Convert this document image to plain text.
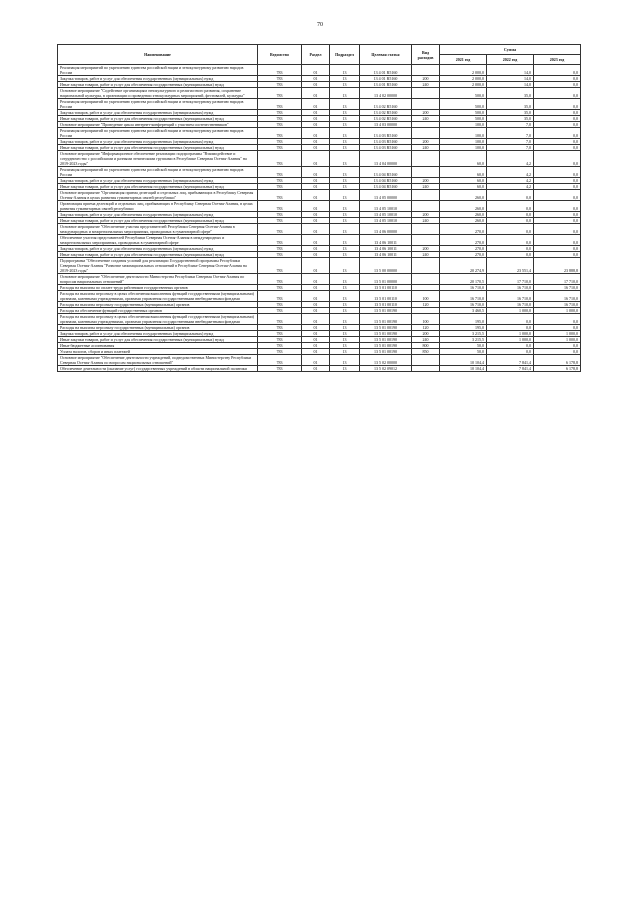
70
Наименование	Ведомство	Раздел	Подраздел	Целевая статья	Вид расходов	Сумма		
						2021 год	2022 год	2023 год
Реализация мероприятий по укреплению единства российской нации и этнокультурному развитию народов России	783	01	13	13 4 01 R5160		2 000,0	14,0	0,0
Закупка товаров, работ и услуг для обеспечения государственных (муниципальных) нужд	783	01	13	13 4 01 R5160	200	2 000,0	14,0	0,0
Иные закупки товаров, работ и услуг для обеспечения государственных (муниципальных) нужд	783	01	13	13 4 01 R5160	240	2 000,0	14,0	0,0
Основное мероприятие "Содействие организациям этнокультурного и религиозного развития, сохранение национальной культуры, в организации и проведении этнокультурных мероприятий, фестивалей, культуры"	783	01	13	13 4 02 00000		500,0	35,0	0,0
Реализация мероприятий по укреплению единства российской нации и этнокультурному развитию народов России	783	01	13	13 4 02 R5160		500,0	35,0	0,0
Закупка товаров, работ и услуг для обеспечения государственных (муниципальных) нужд	783	01	13	13 4 02 R5160	200	500,0	35,0	0,0
Иные закупки товаров, работ и услуг для обеспечения государственных (муниципальных) нужд	783	01	13	13 4 02 R5160	240	500,0	35,0	0,0
Основное мероприятие "Проведение цикла интернет-конференций с участием соотечественников"	783	01	13	13 4 03 00000		100,0	7,0	0,0
Реализация мероприятий по укреплению единства российской нации и этнокультурному развитию народов России	783	01	13	13 4 03 R5160		100,0	7,0	0,0
Закупка товаров, работ и услуг для обеспечения государственных (муниципальных) нужд	783	01	13	13 4 03 R5160	200	100,0	7,0	0,0
Иные закупки товаров, работ и услуг для обеспечения государственных (муниципальных) нужд	783	01	13	13 4 03 R5160	240	100,0	7,0	0,0
Основное мероприятие "Информационное обеспечение реализации подпрограммы "Взаимодействие и сотрудничество с российскими и разными этническими группами в Республике Северная Осетия-Алания" на 2019-2023 годы"	783	01	13	13 4 04 00000		60,0	4,2	0,0
Реализация мероприятий по укреплению единства российской нации и этнокультурному развитию народов России	783	01	13	13 4 04 R5160		60,0	4,2	0,0
Закупка товаров, работ и услуг для обеспечения государственных (муниципальных) нужд	783	01	13	13 4 04 R5160	200	60,0	4,2	0,0
Иные закупки товаров, работ и услуг для обеспечения государственных (муниципальных) нужд	783	01	13	13 4 04 R5160	240	60,0	4,2	0,0
Основное мероприятие "Организация приема делегаций и отдельных лиц, прибывающих в Республику Северная Осетия-Алания в целях развития гуманитарных связей республики"	783	01	13	13 4 05 00000		260,0	0,0	0,0
Организация приема делегаций и отдельных лиц, прибывающих в Республику Северная Осетия-Алания, в целях развития гуманитарных связей республики	783	01	13	13 4 05 10010		260,0	0,0	0,0
Закупка товаров, работ и услуг для обеспечения государственных (муниципальных) нужд	783	01	13	13 4 05 10010	200	260,0	0,0	0,0
Иные закупки товаров, работ и услуг для обеспечения государственных (муниципальных) нужд	783	01	13	13 4 05 10010	240	260,0	0,0	0,0
Основное мероприятие "Обеспечение участия представителей Республики Северная Осетия-Алания в международных и межрегиональных мероприятиях, проводимых в гуманитарной сфере"	783	01	13	13 4 06 00000		270,0	0,0	0,0
Обеспечение участия представителей Республики Северная Осетия-Алания в международных и межрегиональных мероприятиях, проводимых в гуманитарной сфере	783	01	13	13 4 06 10011		270,0	0,0	0,0
Закупка товаров, работ и услуг для обеспечения государственных (муниципальных) нужд	783	01	13	13 4 06 10011	200	270,0	0,0	0,0
Иные закупки товаров, работ и услуг для обеспечения государственных (муниципальных) нужд	783	01	13	13 4 06 10011	240	270,0	0,0	0,0
Подпрограмма "Обеспечение создания условий для реализации Государственной программы Республики Северная Осетия-Алания "Развитие межнациональных отношений в Республике Северная Осетия-Алания на 2019-2023 годы"	783	01	13	13 5 00 00000		20 274,9	23 551,4	23 888,8
Основное мероприятие "Обеспечение деятельности Министерства Республики Северная Осетия-Алания по вопросам национальных отношений"	783	01	13	13 5 01 00000		20 170,5	17 710,0	17 710,0
Расходы на выплаты по оплате труда работников государственных органов	783	01	13	13 5 01 00110		16 710,0	16 710,0	16 710,0
Расходы на выплаты персоналу в целях обеспечения выполнения функций государственными (муниципальными) органами, казенными учреждениями, органами управления государственными внебюджетными фондами	783	01	13	13 5 01 00110	100	16 710,0	16 710,0	16 710,0
Расходы на выплаты персоналу государственных (муниципальных) органов	783	01	13	13 5 01 00110	120	16 710,0	16 710,0	16 710,0
Расходы на обеспечение функций государственных органов	783	01	13	13 5 01 00190		3 460,5	1 000,0	1 000,0
Расходы на выплаты персоналу в целях обеспечения выполнения функций государственными (муниципальными) органами, казенными учреждениями, органами управления государственными внебюджетными фондами	783	01	13	13 5 01 00190	100	195,0	0,0	0,0
Расходы на выплаты персоналу государственных (муниципальных) органов	783	01	13	13 5 01 00190	120	195,0	0,0	0,0
Закупка товаров, работ и услуг для обеспечения государственных (муниципальных) нужд	783	01	13	13 5 01 00190	200	3 215,5	1 000,0	1 000,0
Иные закупки товаров, работ и услуг для обеспечения государственных (муниципальных) нужд	783	01	13	13 5 01 00190	240	3 215,5	1 000,0	1 000,0
Иные бюджетные ассигнования	783	01	13	13 5 01 00190	800	50,0	0,0	0,0
Уплата налогов, сборов и иных платежей	783	01	13	13 5 01 00190	850	50,0	0,0	0,0
Основное мероприятие "Обеспечение деятельности учреждений, подведомственных Министерству Республики Северная Осетия-Алания по вопросам национальных отношений"	783	01	13	13 5 02 00000		10 104,4	7 841,4	6 178,8
Обеспечение деятельности (оказание услуг) государственных учреждений в области национальной политики	783	01	13	13 5 02 09012		10 104,4	7 841,4	6 178,8
